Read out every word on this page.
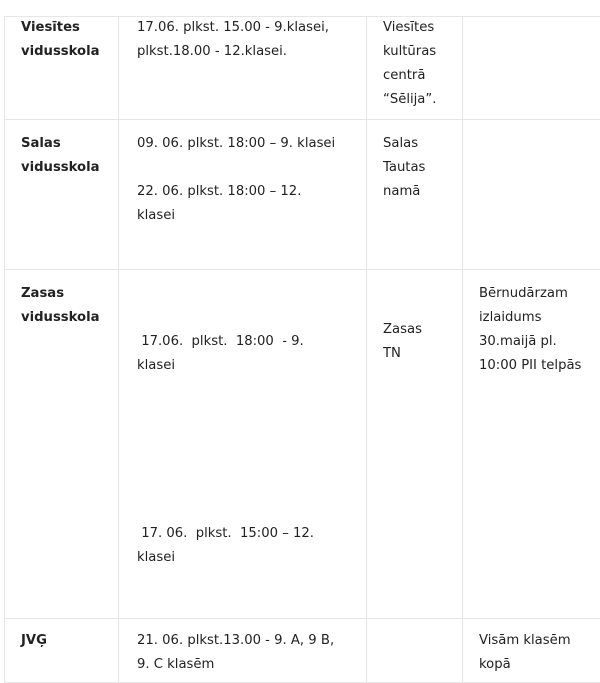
Viesītes vidusskola	17.06. plkst. 15.00 - 9.klasei, plkst.18.00 - 12.klasei.	Viesītes kultūras centrā “Sēlija”.	

Salas vidusskola	09. 06. plkst. 18:00 – 9. klasei

22. 06. plkst. 18:00 – 12. klasei	Salas Tautas namā	

Zasas vidusskola	17.06.  plkst.  18:00  - 9. klasei

17. 06.  plkst.  15:00 – 12. klasei	Zasas TN	Bērnudārzam izlaidums 30.maijā pl. 10:00 PII telpās

JVĢ	21. 06. plkst.13.00 - 9. A, 9 B, 9. C klasēm		Visām klasēm kopā
